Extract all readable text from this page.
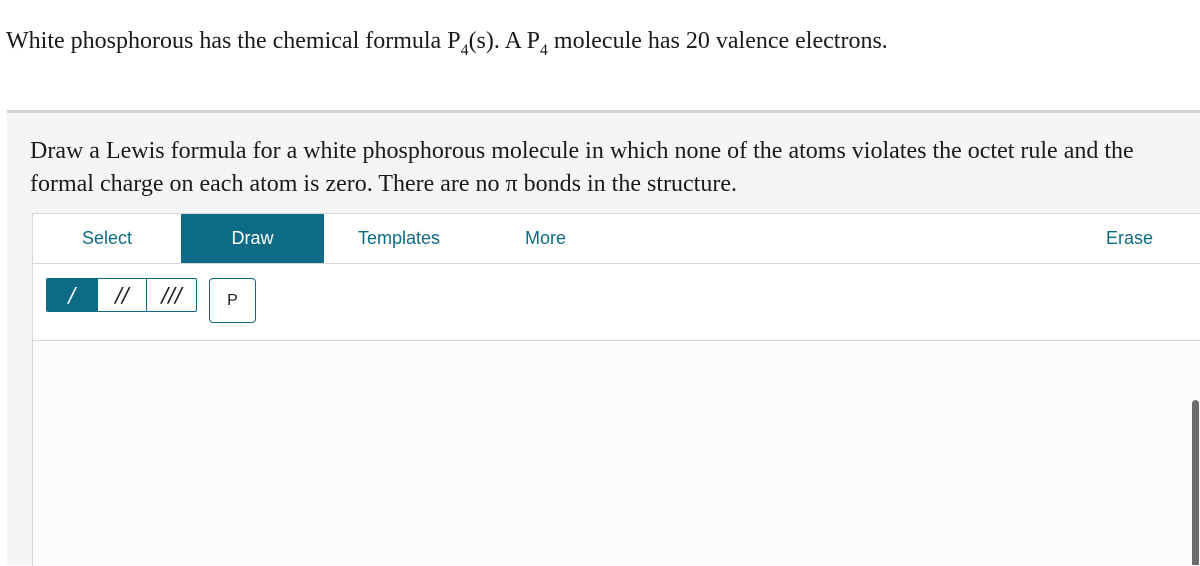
White phosphorous has the chemical formula $P_4(s)$. A $P_4$ molecule has 20 valence electrons.
Draw a Lewis formula for a white phosphorous molecule in which none of the atoms violates the octet rule and the formal charge on each atom is zero. There are no π bonds in the structure.
Select	Draw	Templates	More	Erase
/	//	///	P
